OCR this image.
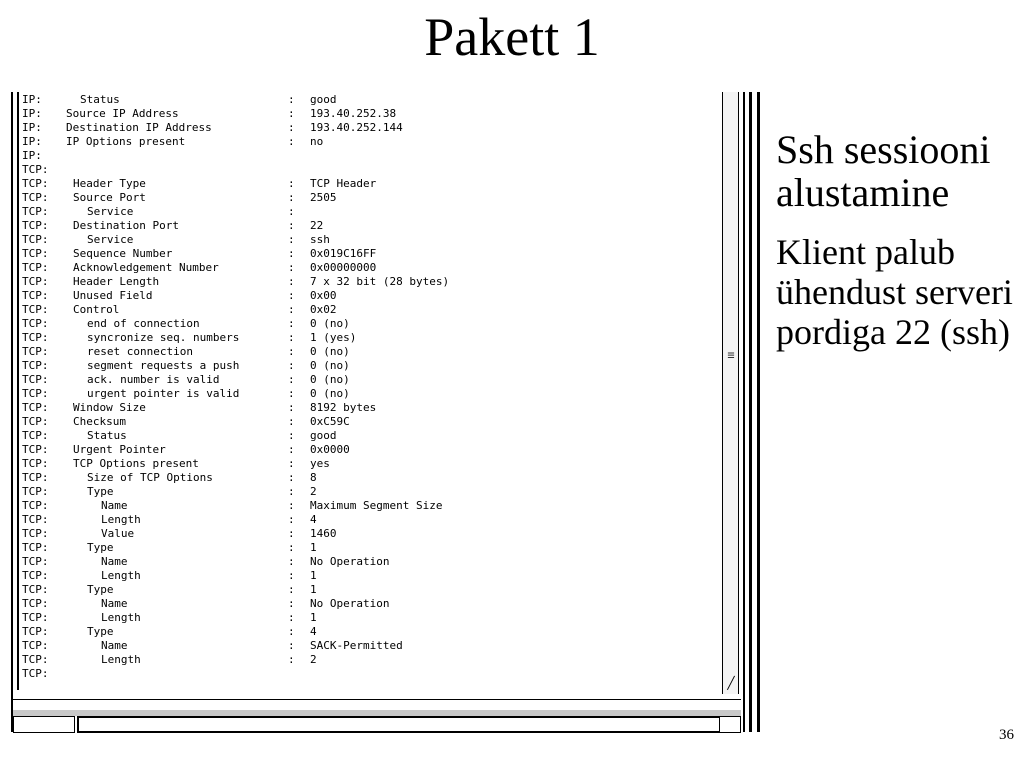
Pakett 1
IP:	Status	: good
IP: Source IP Address	: 193.40.252.38
IP: Destination IP Address	: 193.40.252.144
IP: IP Options present	: no
IP:
TCP:
TCP:	Header Type	: TCP Header
TCP:	Source Port	: 2505
TCP:	Service	:
TCP:	Destination Port	: 22
TCP:	Service	: ssh
TCP:	Sequence Number	: 0x019C16FF
TCP:	Acknowledgement Number	: 0x00000000
TCP:	Header Length	: 7 x 32 bit (28 bytes)
TCP:	Unused Field	: 0x00
TCP:	Control	: 0x02
TCP:	end of connection	: 0 (no)
TCP:	syncronize seq. numbers	: 1 (yes)
TCP:	reset connection	: 0 (no)
TCP:	segment requests a push	: 0 (no)
TCP:	ack. number is valid	: 0 (no)
TCP:	urgent pointer is valid	: 0 (no)
TCP:	Window Size	: 8192 bytes
TCP:	Checksum	: 0xC59C
TCP:	Status	: good
TCP:	Urgent Pointer	: 0x0000
TCP:	TCP Options present	: yes
TCP:	Size of TCP Options	: 8
TCP:	Type	: 2
TCP:	Name	: Maximum Segment Size
TCP:	Length	: 4
TCP:	Value	: 1460
TCP:	Type	: 1
TCP:	Name	: No Operation
TCP:	Length	: 1
TCP:	Type	: 1
TCP:	Name	: No Operation
TCP:	Length	: 1
TCP:	Type	: 4
TCP:	Name	: SACK-Permitted
TCP:	Length	: 2
TCP:
≡
╱

Ssh sessiooni alustamine

Klient palub ühendust serveri pordiga 22 (ssh)

36
